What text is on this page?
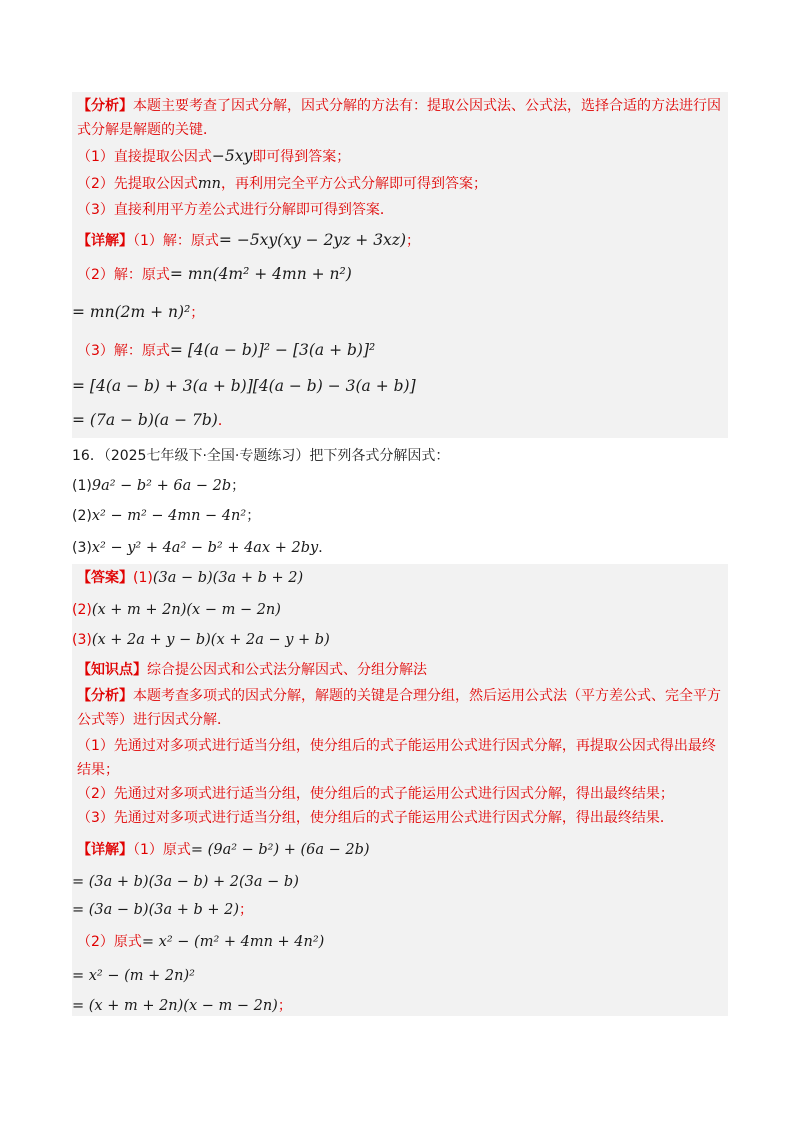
【分析】本题主要考查了因式分解，因式分解的方法有：提取公因式法、公式法，选择合适的方法进行因
式分解是解题的关键．
（1）直接提取公因式−5xy即可得到答案；
（2）先提取公因式mn，再利用完全平方公式分解即可得到答案；
（3）直接利用平方差公式进行分解即可得到答案．
【详解】（1）解：原式= −5xy(xy − 2yz + 3xz)；
（2）解：原式= mn(4m² + 4mn + n²)
= mn(2m + n)²；
（3）解：原式= [4(a − b)]² − [3(a + b)]²
= [4(a − b) + 3(a + b)][4(a − b) − 3(a + b)]
= (7a − b)(a − 7b)．
16．（2025七年级下·全国·专题练习）把下列各式分解因式：
(1)9a² − b² + 6a − 2b；
(2)x² − m² − 4mn − 4n²；
(3)x² − y² + 4a² − b² + 4ax + 2by．
【答案】(1)(3a − b)(3a + b + 2)
(2)(x + m + 2n)(x − m − 2n)
(3)(x + 2a + y − b)(x + 2a − y + b)
【知识点】综合提公因式和公式法分解因式、分组分解法
【分析】本题考查多项式的因式分解，解题的关键是合理分组，然后运用公式法（平方差公式、完全平方
公式等）进行因式分解．
（1）先通过对多项式进行适当分组，使分组后的式子能运用公式进行因式分解，再提取公因式得出最终
结果；
（2）先通过对多项式进行适当分组，使分组后的式子能运用公式进行因式分解，得出最终结果；
（3）先通过对多项式进行适当分组，使分组后的式子能运用公式进行因式分解，得出最终结果．
【详解】（1）原式= (9a² − b²) + (6a − 2b)
= (3a + b)(3a − b) + 2(3a − b)
= (3a − b)(3a + b + 2)；
（2）原式= x² − (m² + 4mn + 4n²)
= x² − (m + 2n)²
= (x + m + 2n)(x − m − 2n)；
